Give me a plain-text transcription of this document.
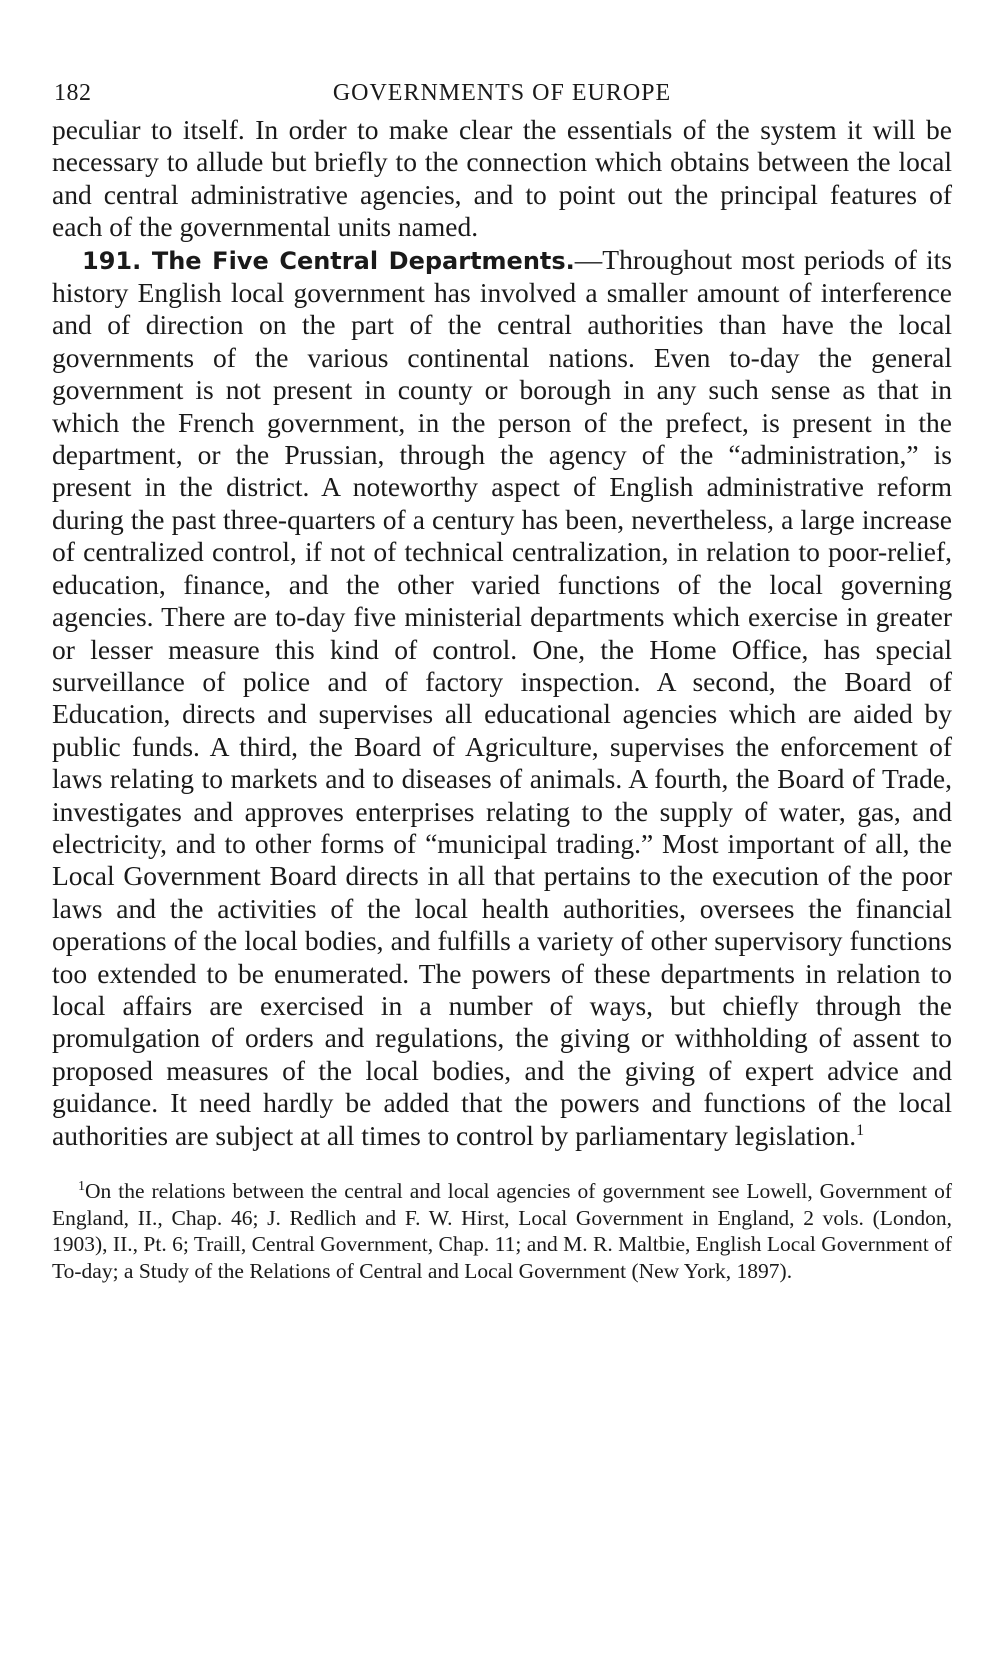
182	GOVERNMENTS OF EUROPE

peculiar to itself. In order to make clear the essentials of the system it will be necessary to allude but briefly to the connection which obtains between the local and central administrative agencies, and to point out the principal features of each of the governmental units named.

191. The Five Central Departments.—Throughout most periods of its history English local government has involved a smaller amount of interference and of direction on the part of the central authorities than have the local governments of the various continental nations. Even to-day the general government is not present in county or borough in any such sense as that in which the French government, in the person of the prefect, is present in the department, or the Prussian, through the agency of the “administration,” is present in the district. A noteworthy aspect of English administrative reform during the past three-quarters of a century has been, nevertheless, a large increase of centralized control, if not of technical centralization, in relation to poor-relief, education, finance, and the other varied functions of the local governing agencies. There are to-day five ministerial departments which exercise in greater or lesser measure this kind of control. One, the Home Office, has special surveillance of police and of factory inspection. A second, the Board of Education, directs and supervises all educational agencies which are aided by public funds. A third, the Board of Agriculture, supervises the enforcement of laws relating to markets and to diseases of animals. A fourth, the Board of Trade, investigates and approves enterprises relating to the supply of water, gas, and electricity, and to other forms of “municipal trading.” Most important of all, the Local Government Board directs in all that pertains to the execution of the poor laws and the activities of the local health authorities, oversees the financial operations of the local bodies, and fulfills a variety of other supervisory functions too extended to be enumerated. The powers of these departments in relation to local affairs are exercised in a number of ways, but chiefly through the promulgation of orders and regulations, the giving or withholding of assent to proposed measures of the local bodies, and the giving of expert advice and guidance. It need hardly be added that the powers and functions of the local authorities are subject at all times to control by parliamentary legislation.$^1$

$^1$On the relations between the central and local agencies of government see Lowell, Government of England, II., Chap. 46; J. Redlich and F. W. Hirst, Local Government in England, 2 vols. (London, 1903), II., Pt. 6; Traill, Central Government, Chap. 11; and M. R. Maltbie, English Local Government of To-day; a Study of the Relations of Central and Local Government (New York, 1897).
